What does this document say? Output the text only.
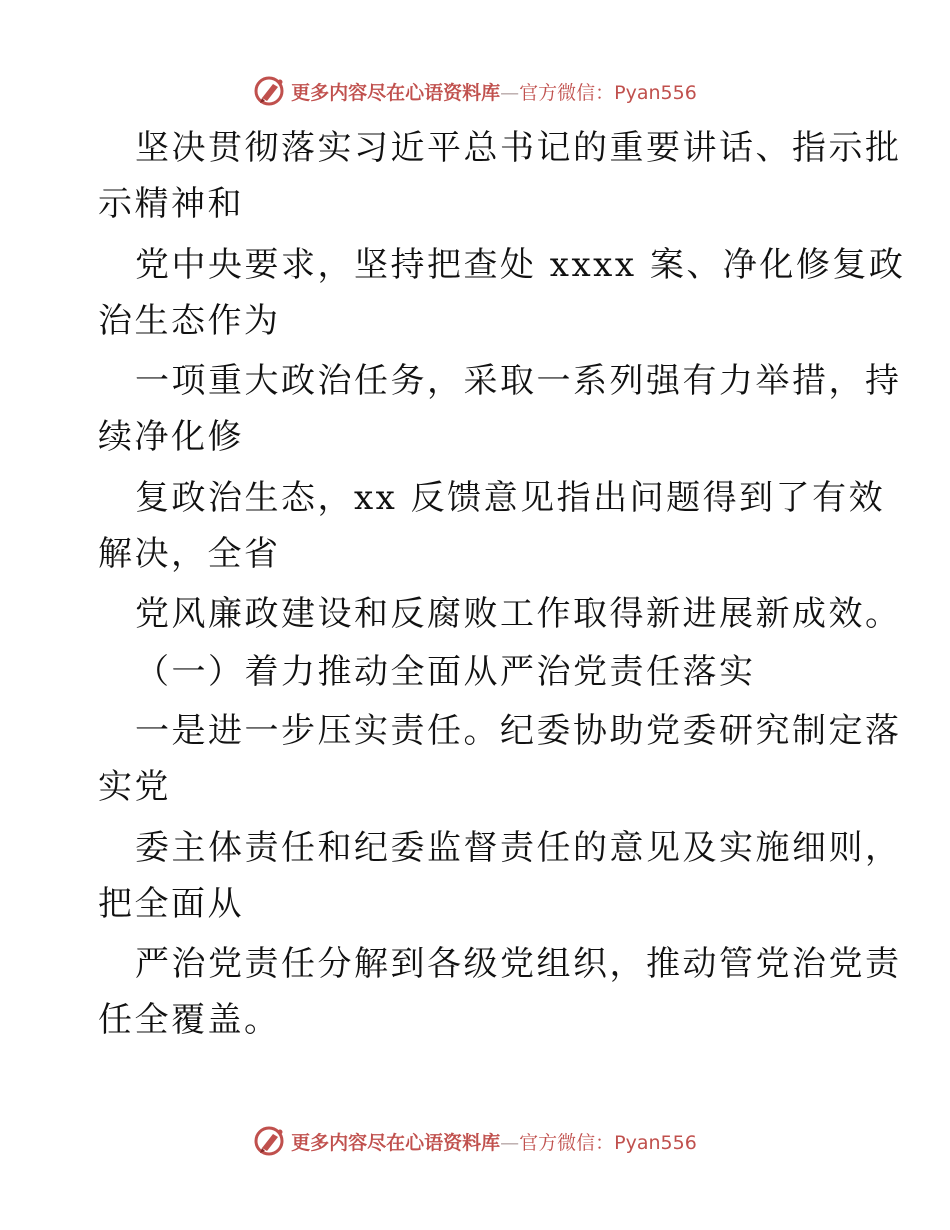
更多内容尽在心语资料库—官方微信：Pyan556
坚决贯彻落实习近平总书记的重要讲话、指示批
示精神和
党中央要求，坚持把查处 xxxx 案、净化修复政
治生态作为
一项重大政治任务，采取一系列强有力举措，持
续净化修
复政治生态，xx 反馈意见指出问题得到了有效
解决，全省
党风廉政建设和反腐败工作取得新进展新成效。
（一）着力推动全面从严治党责任落实
一是进一步压实责任。纪委协助党委研究制定落
实党
委主体责任和纪委监督责任的意见及实施细则，
把全面从
严治党责任分解到各级党组织，推动管党治党责
任全覆盖。
更多内容尽在心语资料库—官方微信：Pyan556
